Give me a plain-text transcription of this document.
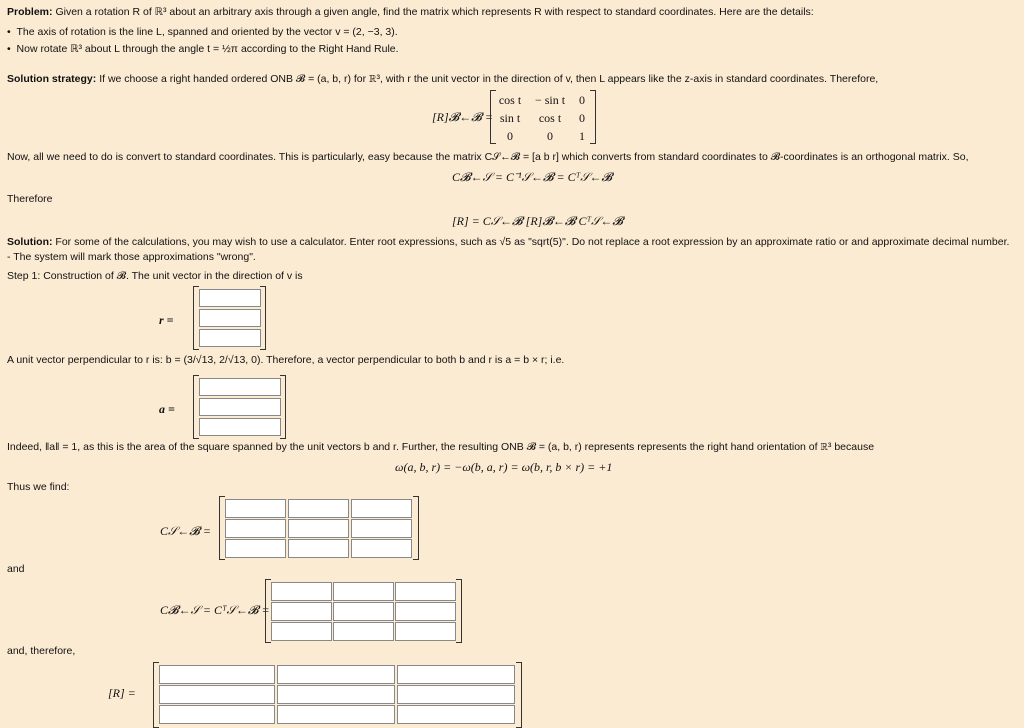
Problem: Given a rotation R of ℝ³ about an arbitrary axis through a given angle, find the matrix which represents R with respect to standard coordinates. Here are the details:
•  The axis of rotation is the line L, spanned and oriented by the vector v = (2, −3, 3).
•  Now rotate ℝ³ about L through the angle t = ½π according to the Right Hand Rule.
Solution strategy: If we choose a right handed ordered ONB 𝓑 = (a, b, r) for ℝ³, with r the unit vector in the direction of v, then L appears like the z-axis in standard coordinates. Therefore,
[R]𝓑←𝓑 =
cos t	− sin t	0
sin t	cos t	0
0	0	1
Now, all we need to do is convert to standard coordinates. This is particularly, easy because the matrix C𝒮←𝓑 = [a b r] which converts from standard coordinates to 𝓑-coordinates is an orthogonal matrix. So,
C𝓑←𝒮 = C⁻¹𝒮←𝓑 = Cᵀ𝒮←𝓑
Therefore
[R] = C𝒮←𝓑 [R]𝓑←𝓑 Cᵀ𝒮←𝓑
Solution: For some of the calculations, you may wish to use a calculator. Enter root expressions, such as √5 as "sqrt(5)". Do not replace a root expression by an approximate ratio or and approximate decimal number.
- The system will mark those approximations "wrong".
Step 1: Construction of 𝓑. The unit vector in the direction of v is
r =
A unit vector perpendicular to r is: b = (3/√13, 2/√13, 0). Therefore, a vector perpendicular to both b and r is a = b × r; i.e.
a =
Indeed, ‖a‖ = 1, as this is the area of the square spanned by the unit vectors b and r. Further, the resulting ONB 𝓑 = (a, b, r) represents represents the right hand orientation of ℝ³ because
ω(a, b, r) = −ω(b, a, r) = ω(b, r, b × r) = +1
Thus we find:
C𝒮←𝓑 =
and
C𝓑←𝒮 = Cᵀ𝒮←𝓑 =
and, therefore,
[R] =
